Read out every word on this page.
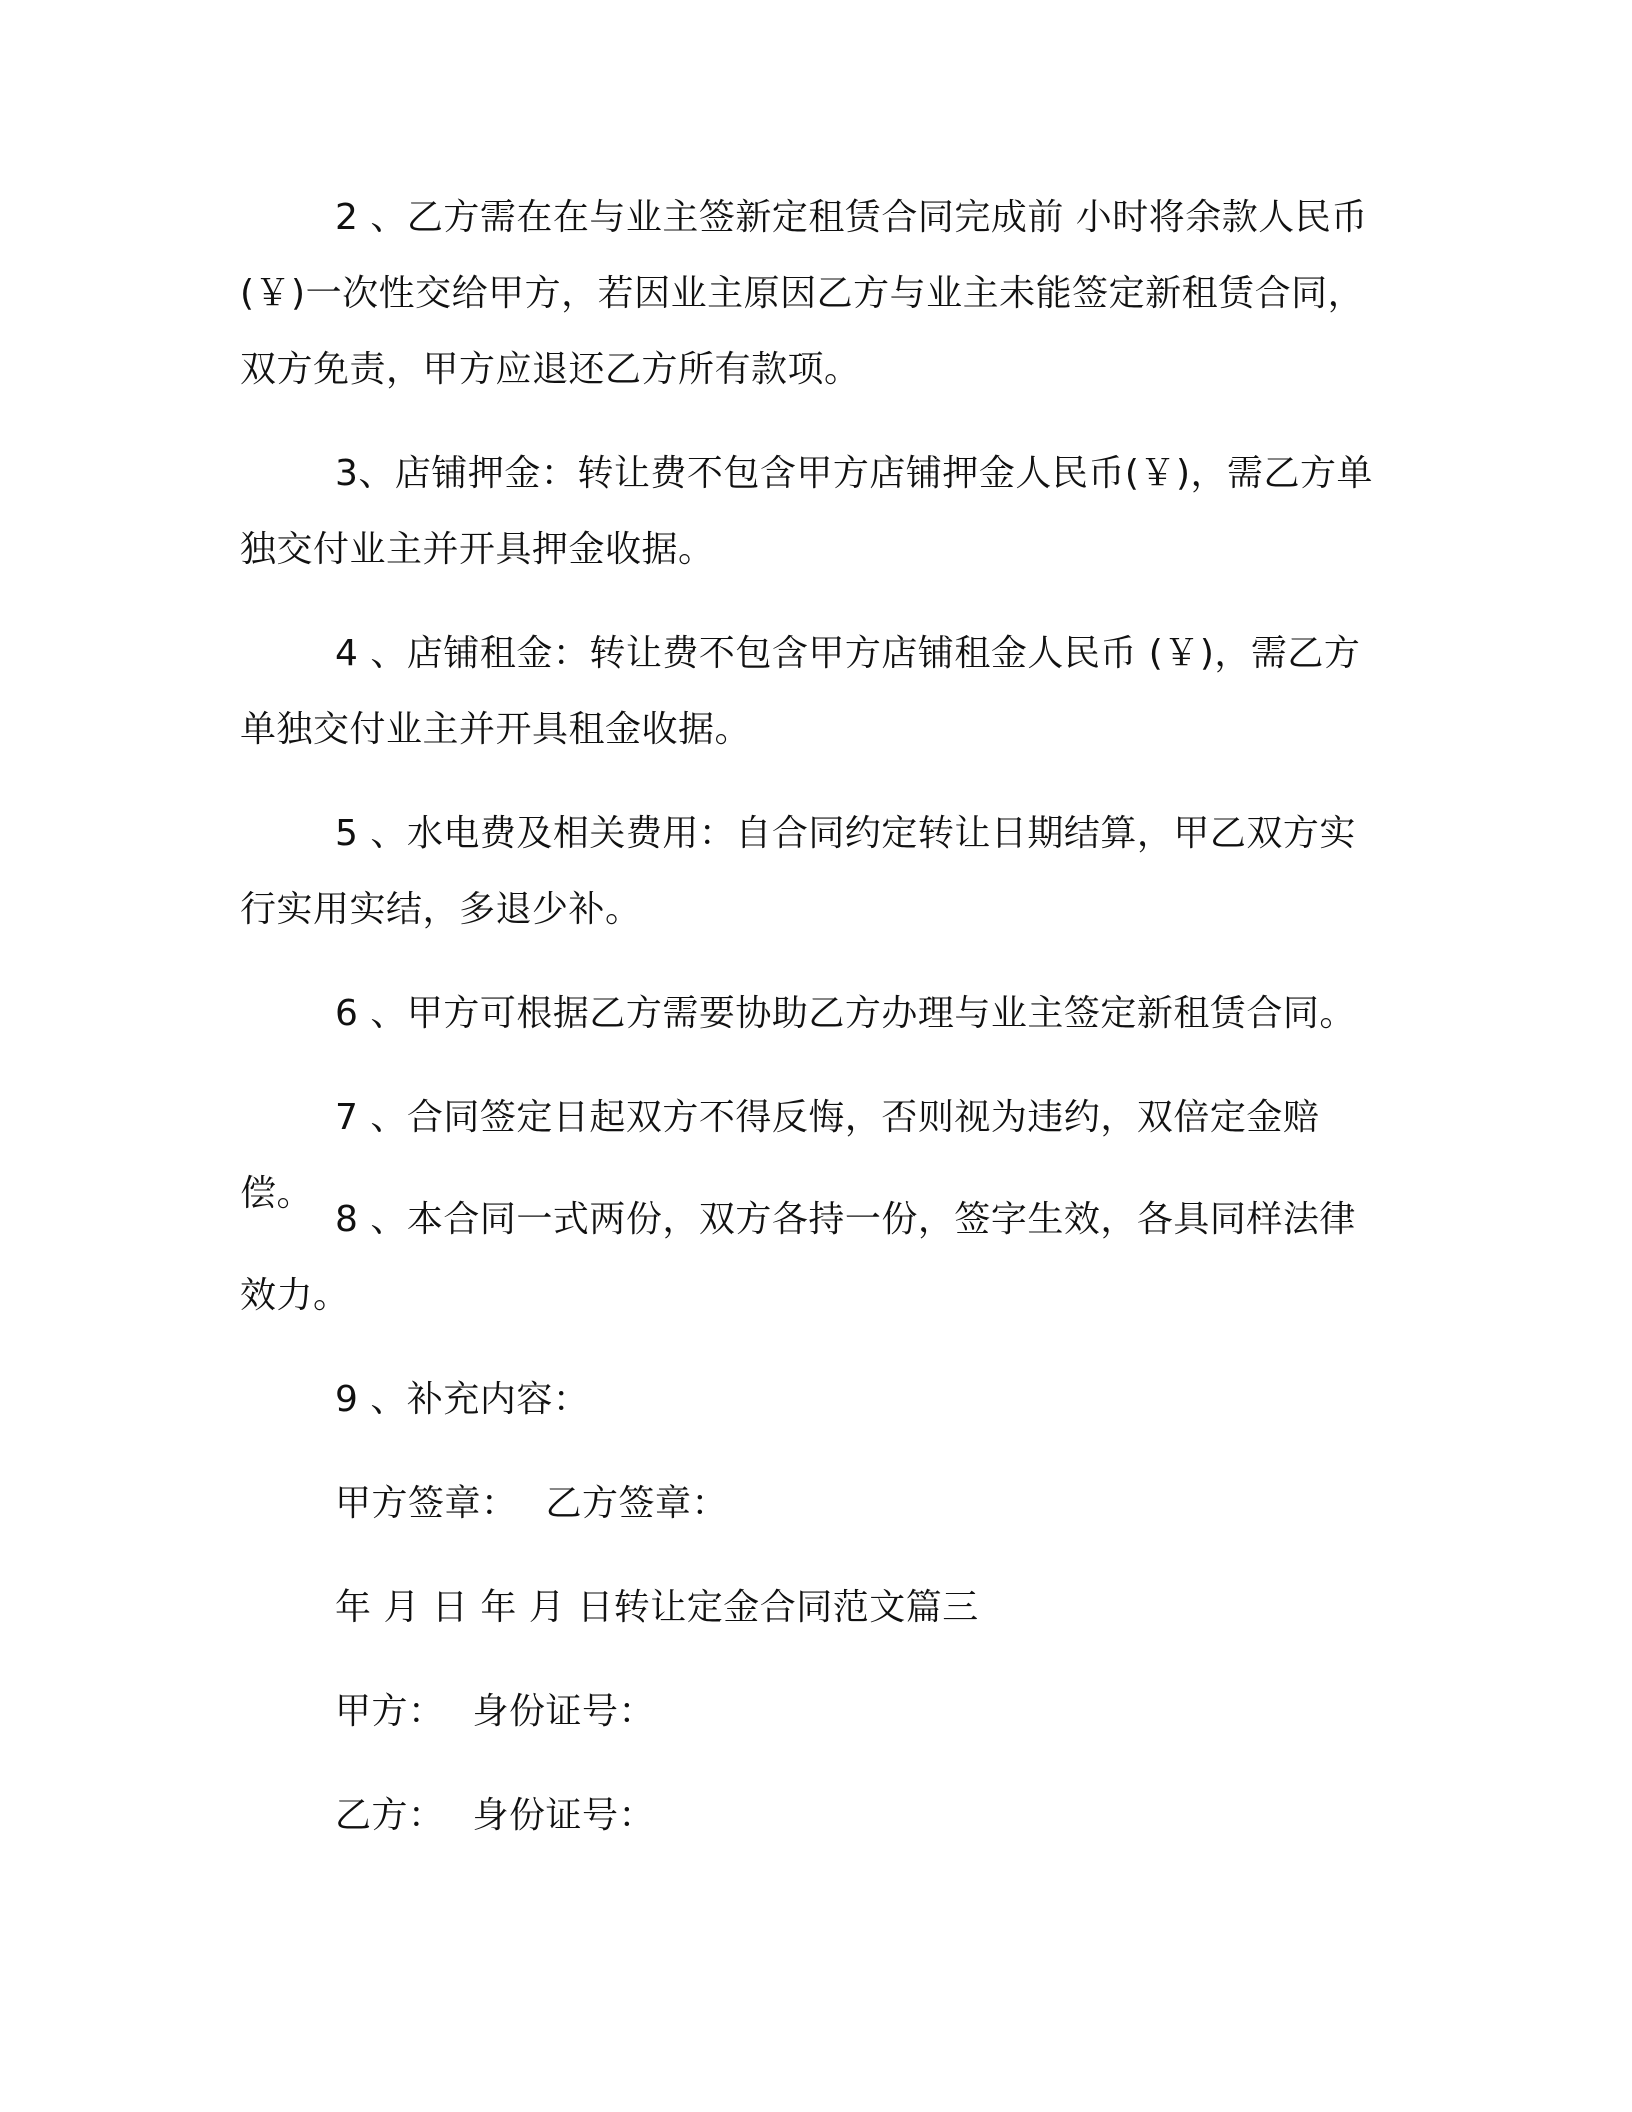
2 、乙方需在在与业主签新定租赁合同完成前 小时将余款人民币 (￥)一次性交给甲方，若因业主原因乙方与业主未能签定新租赁合同，双方免责，甲方应退还乙方所有款项。

3、店铺押金：转让费不包含甲方店铺押金人民币(￥)，需乙方单独交付业主并开具押金收据。

4 、店铺租金：转让费不包含甲方店铺租金人民币 (￥)，需乙方单独交付业主并开具租金收据。

5 、水电费及相关费用：自合同约定转让日期结算，甲乙双方实行实用实结，多退少补。

6 、甲方可根据乙方需要协助乙方办理与业主签定新租赁合同。

7 、合同签定日起双方不得反悔，否则视为违约，双倍定金赔偿。

8 、本合同一式两份，双方各持一份，签字生效，各具同样法律效力。

9 、补充内容：

甲方签章： 乙方签章：
年 月 日 年 月 日转让定金合同范文篇三
甲方： 身份证号：
乙方： 身份证号：
